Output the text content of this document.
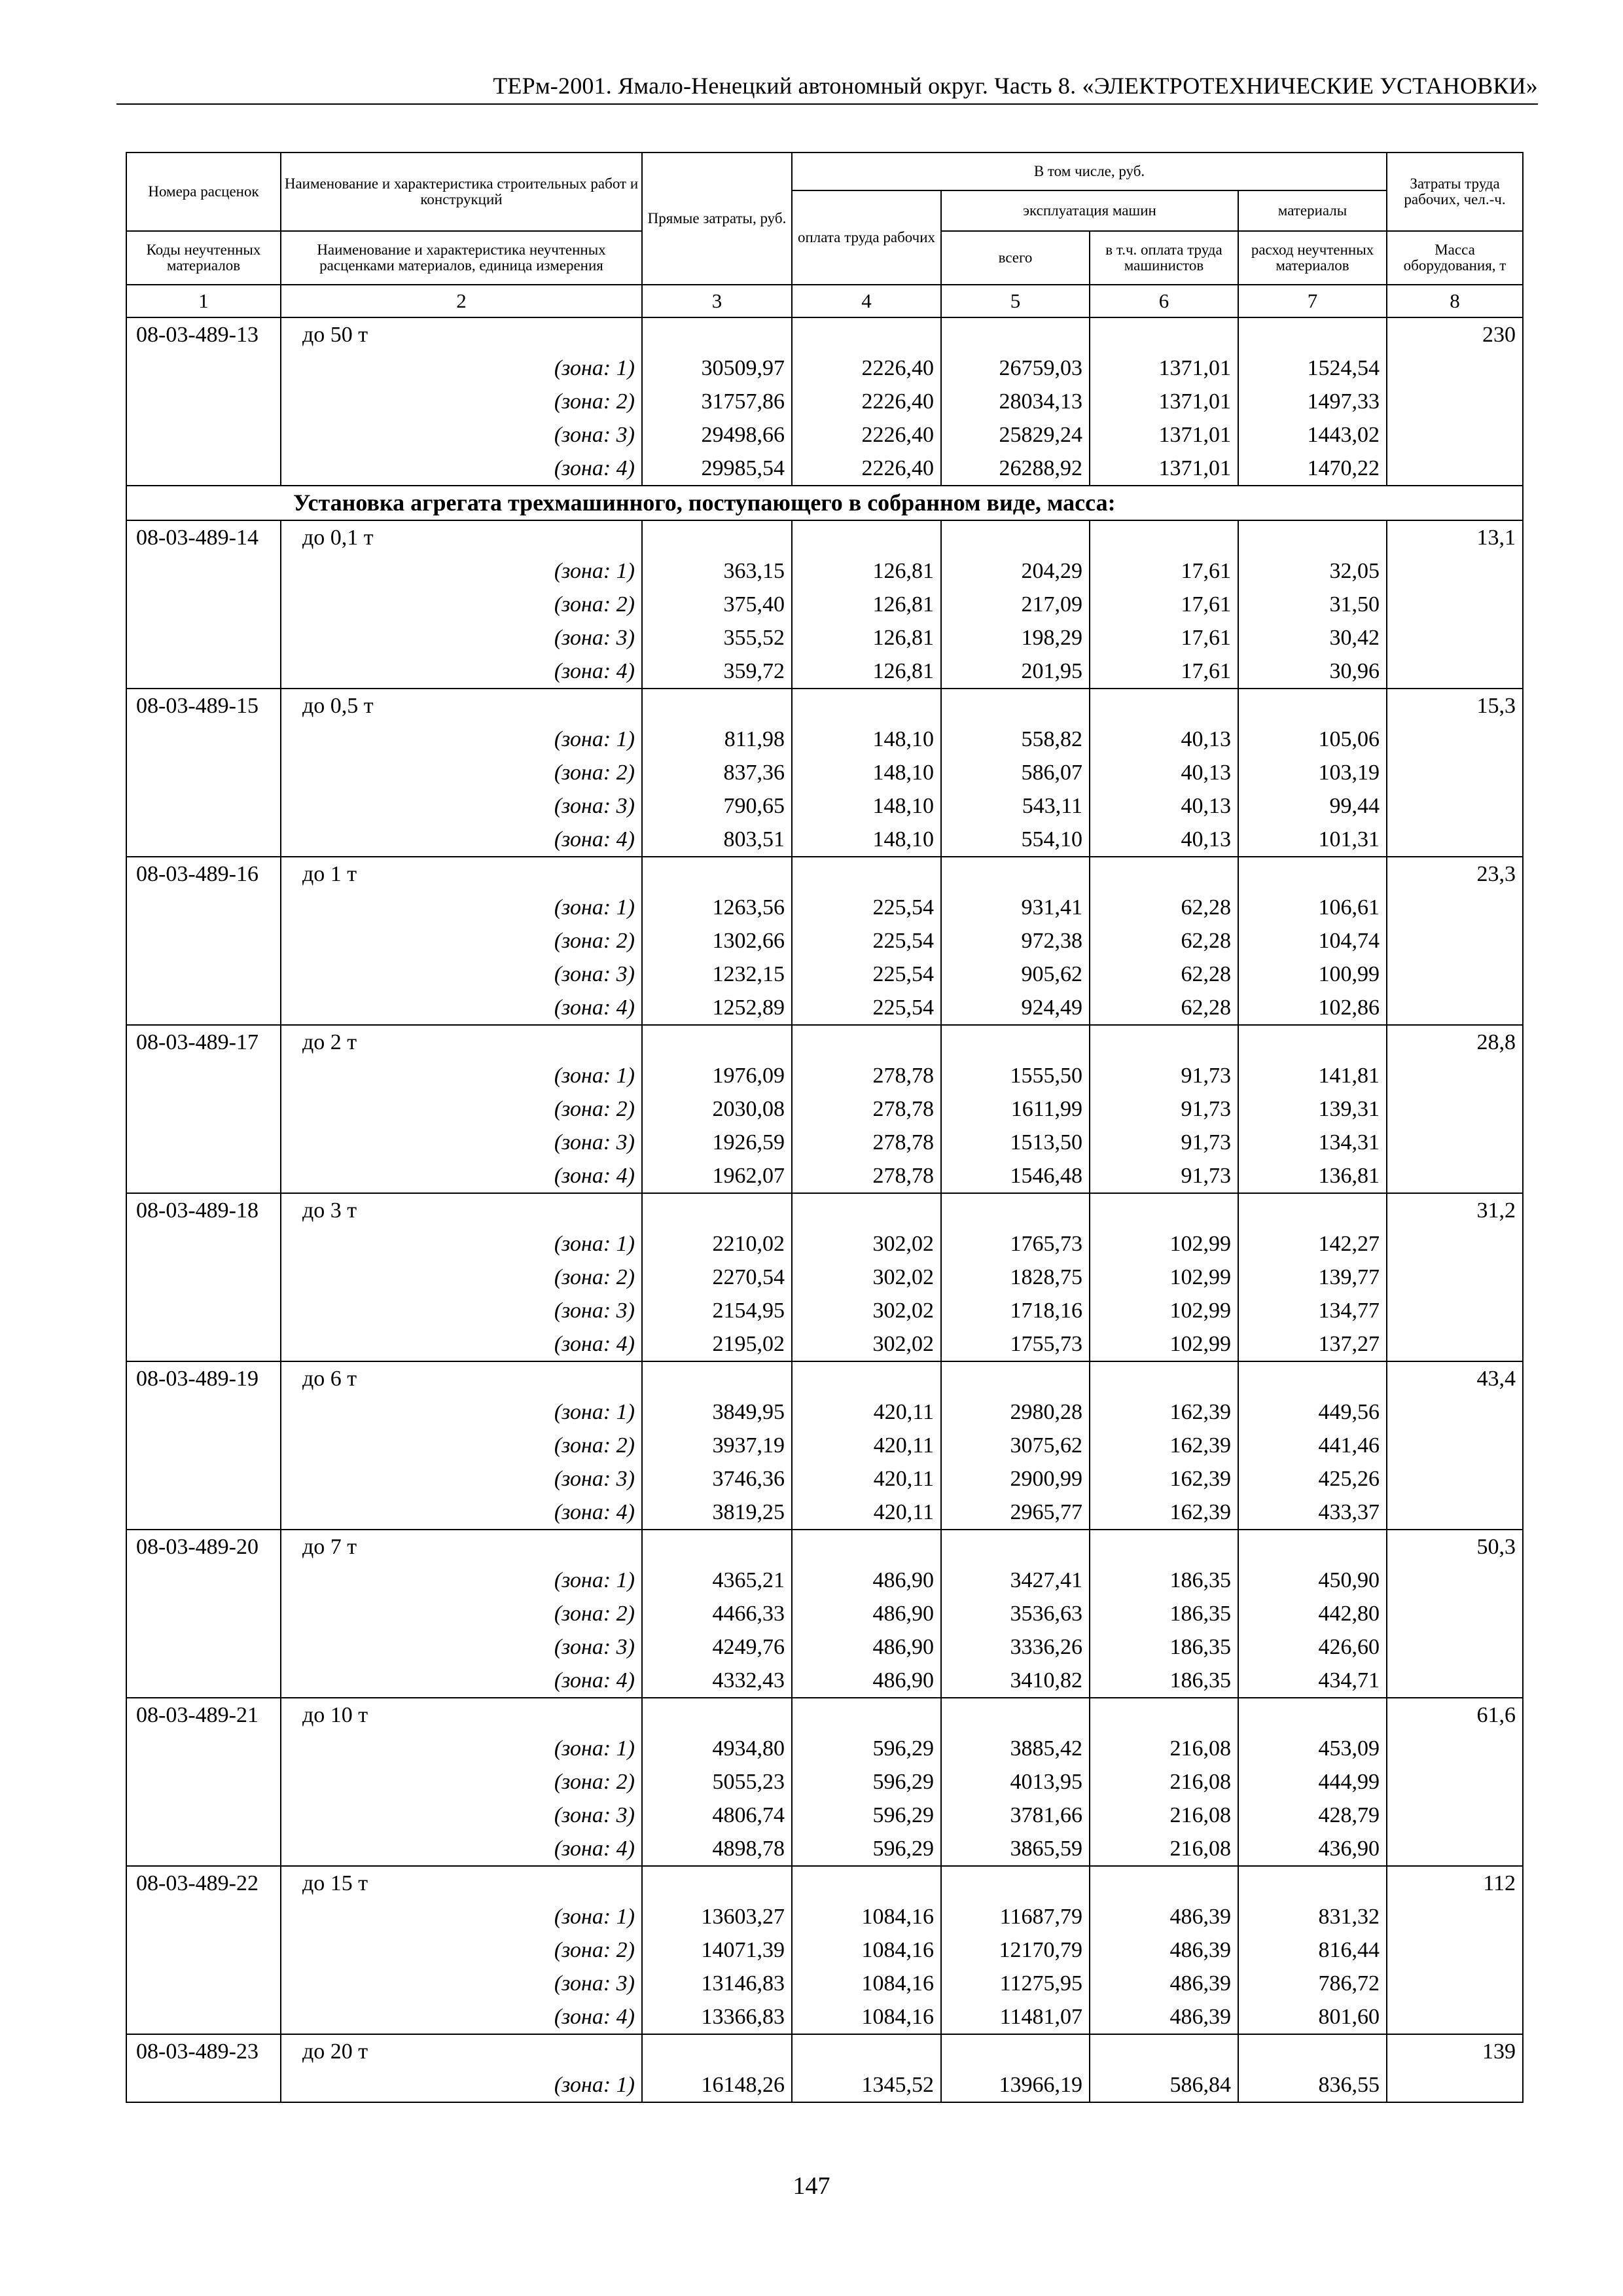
ТЕРм-2001. Ямало-Ненецкий автономный округ. Часть 8. «ЭЛЕКТРОТЕХНИЧЕСКИЕ УСТАНОВКИ»
Номера расценок	Наименование и характеристика строительных работ и конструкций	Прямые затраты, руб.	В том числе, руб.				Затраты труда рабочих, чел.-ч.
			оплата труда рабочих	эксплуатация машин		материалы	
Коды неучтенных материалов	Наименование и характеристика неучтенных расценками материалов, единица измерения			всего	в т.ч. оплата труда машинистов	расход неучтенных материалов	Масса оборудования, т
1	2	3	4	5	6	7	8
08-03-489-13	до 50 т						230
	(зона: 1)	30509,97	2226,40	26759,03	1371,01	1524,54	
	(зона: 2)	31757,86	2226,40	28034,13	1371,01	1497,33	
	(зона: 3)	29498,66	2226,40	25829,24	1371,01	1443,02	
	(зона: 4)	29985,54	2226,40	26288,92	1371,01	1470,22	
Установка агрегата трехмашинного, поступающего в собранном виде, масса:							
08-03-489-14	до 0,1 т						13,1
	(зона: 1)	363,15	126,81	204,29	17,61	32,05	
	(зона: 2)	375,40	126,81	217,09	17,61	31,50	
	(зона: 3)	355,52	126,81	198,29	17,61	30,42	
	(зона: 4)	359,72	126,81	201,95	17,61	30,96	
08-03-489-15	до 0,5 т						15,3
	(зона: 1)	811,98	148,10	558,82	40,13	105,06	
	(зона: 2)	837,36	148,10	586,07	40,13	103,19	
	(зона: 3)	790,65	148,10	543,11	40,13	99,44	
	(зона: 4)	803,51	148,10	554,10	40,13	101,31	
08-03-489-16	до 1 т						23,3
	(зона: 1)	1263,56	225,54	931,41	62,28	106,61	
	(зона: 2)	1302,66	225,54	972,38	62,28	104,74	
	(зона: 3)	1232,15	225,54	905,62	62,28	100,99	
	(зона: 4)	1252,89	225,54	924,49	62,28	102,86	
08-03-489-17	до 2 т						28,8
	(зона: 1)	1976,09	278,78	1555,50	91,73	141,81	
	(зона: 2)	2030,08	278,78	1611,99	91,73	139,31	
	(зона: 3)	1926,59	278,78	1513,50	91,73	134,31	
	(зона: 4)	1962,07	278,78	1546,48	91,73	136,81	
08-03-489-18	до 3 т						31,2
	(зона: 1)	2210,02	302,02	1765,73	102,99	142,27	
	(зона: 2)	2270,54	302,02	1828,75	102,99	139,77	
	(зона: 3)	2154,95	302,02	1718,16	102,99	134,77	
	(зона: 4)	2195,02	302,02	1755,73	102,99	137,27	
08-03-489-19	до 6 т						43,4
	(зона: 1)	3849,95	420,11	2980,28	162,39	449,56	
	(зона: 2)	3937,19	420,11	3075,62	162,39	441,46	
	(зона: 3)	3746,36	420,11	2900,99	162,39	425,26	
	(зона: 4)	3819,25	420,11	2965,77	162,39	433,37	
08-03-489-20	до 7 т						50,3
	(зона: 1)	4365,21	486,90	3427,41	186,35	450,90	
	(зона: 2)	4466,33	486,90	3536,63	186,35	442,80	
	(зона: 3)	4249,76	486,90	3336,26	186,35	426,60	
	(зона: 4)	4332,43	486,90	3410,82	186,35	434,71	
08-03-489-21	до 10 т						61,6
	(зона: 1)	4934,80	596,29	3885,42	216,08	453,09	
	(зона: 2)	5055,23	596,29	4013,95	216,08	444,99	
	(зона: 3)	4806,74	596,29	3781,66	216,08	428,79	
	(зона: 4)	4898,78	596,29	3865,59	216,08	436,90	
08-03-489-22	до 15 т						112
	(зона: 1)	13603,27	1084,16	11687,79	486,39	831,32	
	(зона: 2)	14071,39	1084,16	12170,79	486,39	816,44	
	(зона: 3)	13146,83	1084,16	11275,95	486,39	786,72	
	(зона: 4)	13366,83	1084,16	11481,07	486,39	801,60	
08-03-489-23	до 20 т						139
	(зона: 1)	16148,26	1345,52	13966,19	586,84	836,55	
147
